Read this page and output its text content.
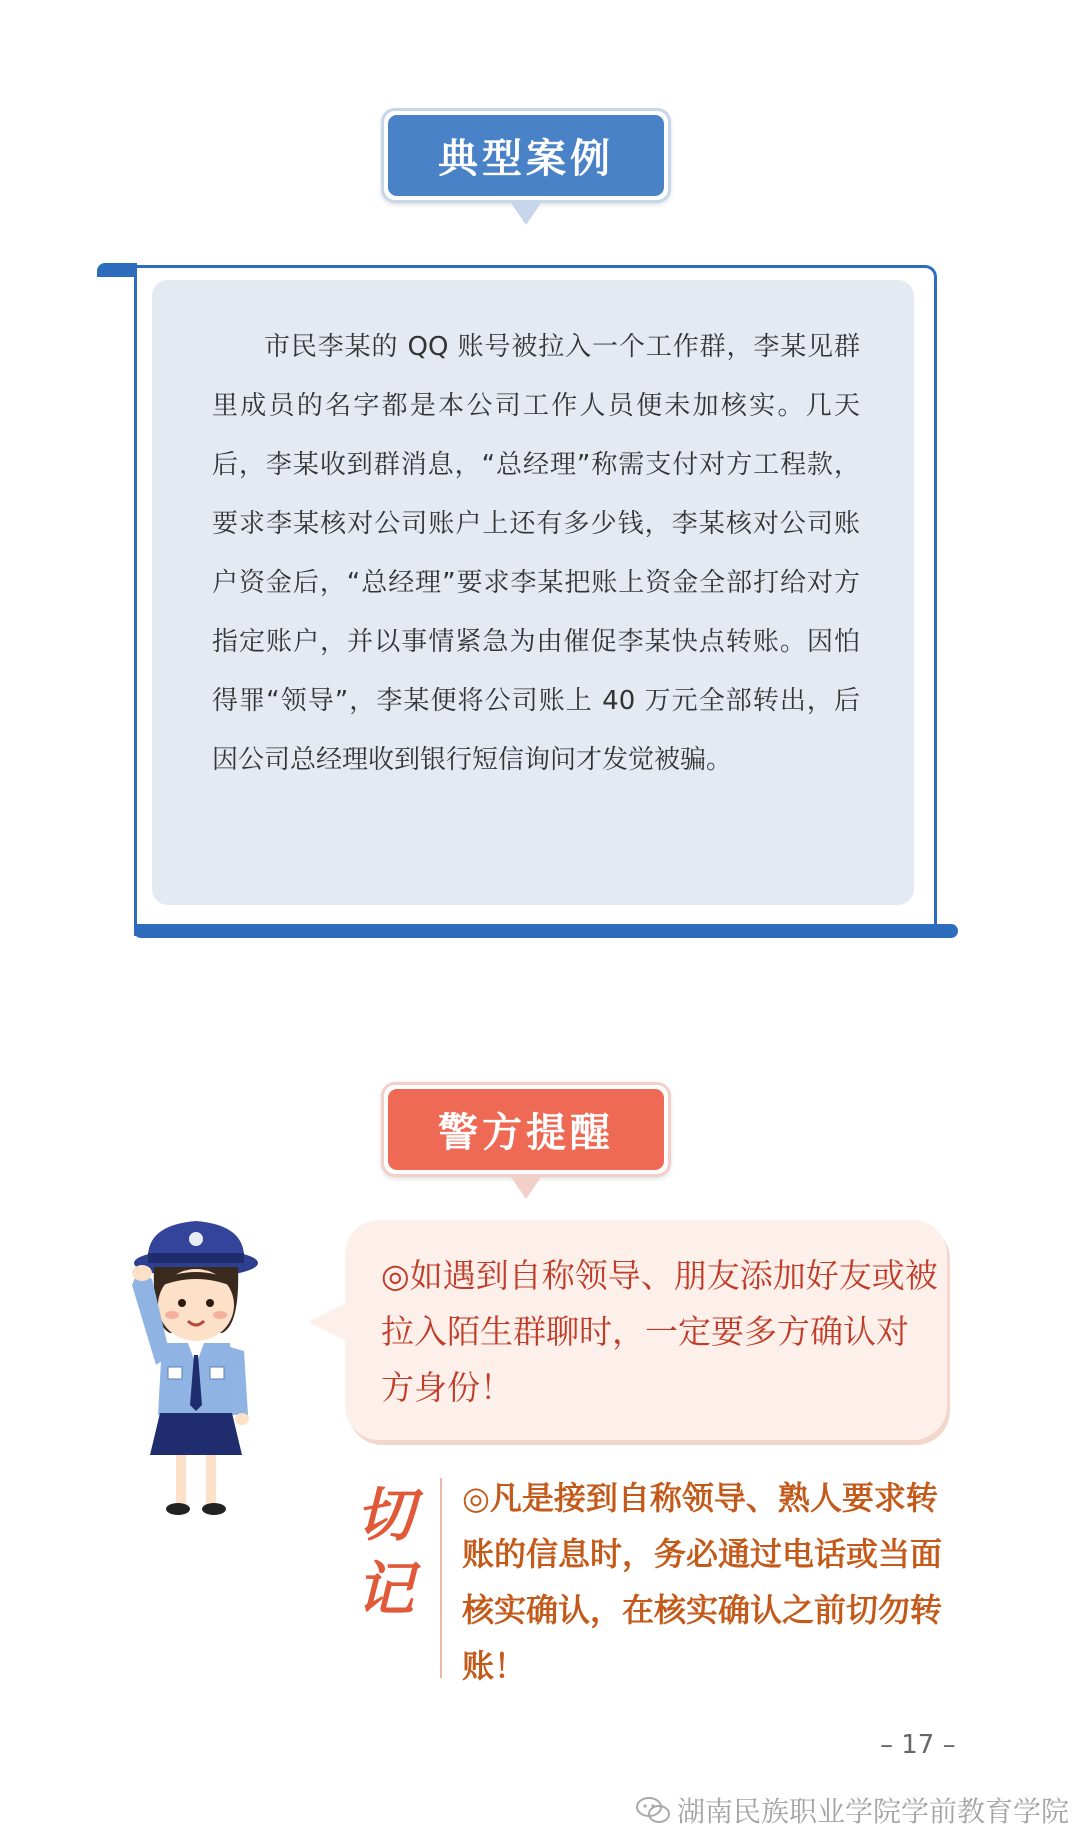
典型案例

市民李某的 QQ 账号被拉入一个工作群，李某见群里成员的名字都是本公司工作人员便未加核实。几天后，李某收到群消息，“总经理”称需支付对方工程款，要求李某核对公司账户上还有多少钱，李某核对公司账户资金后，“总经理”要求李某把账上资金全部打给对方指定账户，并以事情紧急为由催促李某快点转账。因怕得罪“领导”，李某便将公司账上 40 万元全部转出，后因公司总经理收到银行短信询问才发觉被骗。

警方提醒

◎如遇到自称领导、朋友添加好友或被拉入陌生群聊时，一定要多方确认对方身份！

切
记

◎凡是接到自称领导、熟人要求转账的信息时，务必通过电话或当面核实确认，在核实确认之前切勿转账！

– 17 –
湖南民族职业学院学前教育学院
